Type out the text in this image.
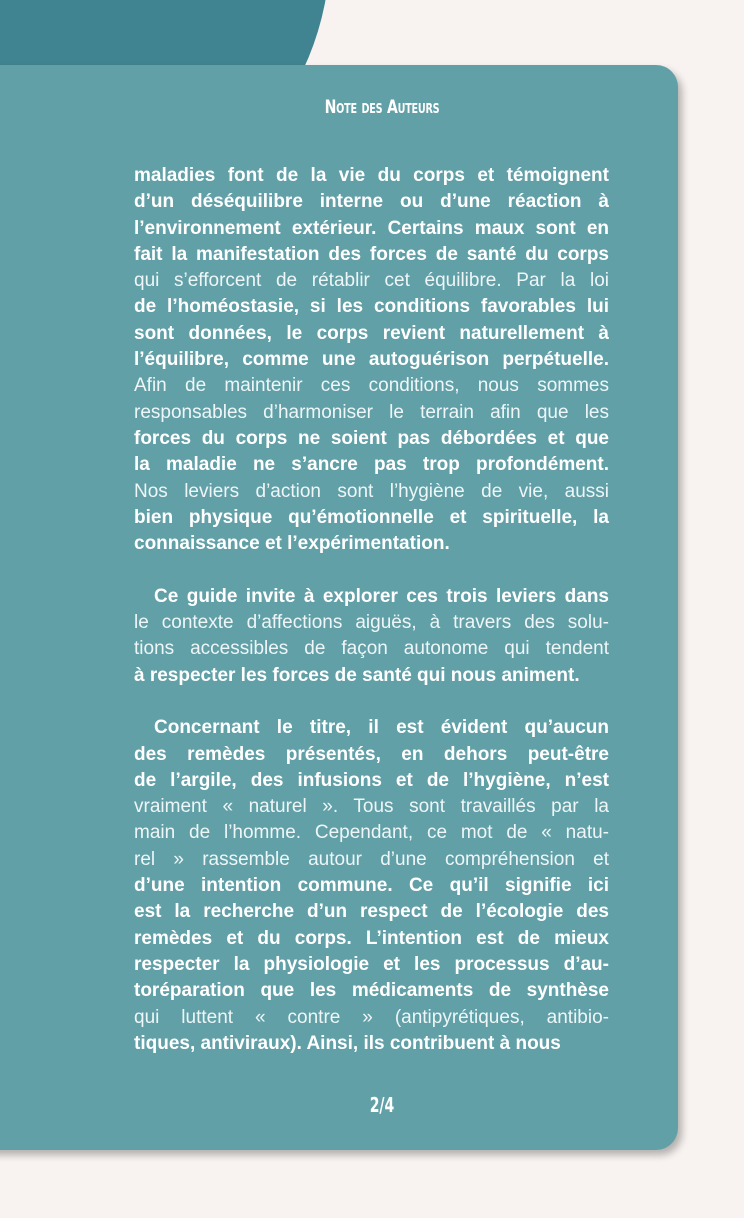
Note des Auteurs
maladies font de la vie du corps et témoignent
d’un déséquilibre interne ou d’une réaction à
l’environnement extérieur. Certains maux sont en
fait la manifestation des forces de santé du corps
qui s’efforcent de rétablir cet équilibre. Par la loi
de l’homéostasie, si les conditions favorables lui
sont données, le corps revient naturellement à
l’équilibre, comme une autoguérison perpétuelle.
Afin de maintenir ces conditions, nous sommes
responsables d’harmoniser le terrain afin que les
forces du corps ne soient pas débordées et que
la maladie ne s’ancre pas trop profondément.
Nos leviers d’action sont l’hygiène de vie, aussi
bien physique qu’émotionnelle et spirituelle, la
connaissance et l’expérimentation.
Ce guide invite à explorer ces trois leviers dans
le contexte d’affections aiguës, à travers des solu-
tions accessibles de façon autonome qui tendent
à respecter les forces de santé qui nous animent.
Concernant le titre, il est évident qu’aucun
des remèdes présentés, en dehors peut-être
de l’argile, des infusions et de l’hygiène, n’est
vraiment « naturel ». Tous sont travaillés par la
main de l’homme. Cependant, ce mot de « natu-
rel » rassemble autour d’une compréhension et
d’une intention commune. Ce qu’il signifie ici
est la recherche d’un respect de l’écologie des
remèdes et du corps. L’intention est de mieux
respecter la physiologie et les processus d’au-
toréparation que les médicaments de synthèse
qui luttent « contre » (antipyrétiques, antibio-
tiques, antiviraux). Ainsi, ils contribuent à nous
2/4
